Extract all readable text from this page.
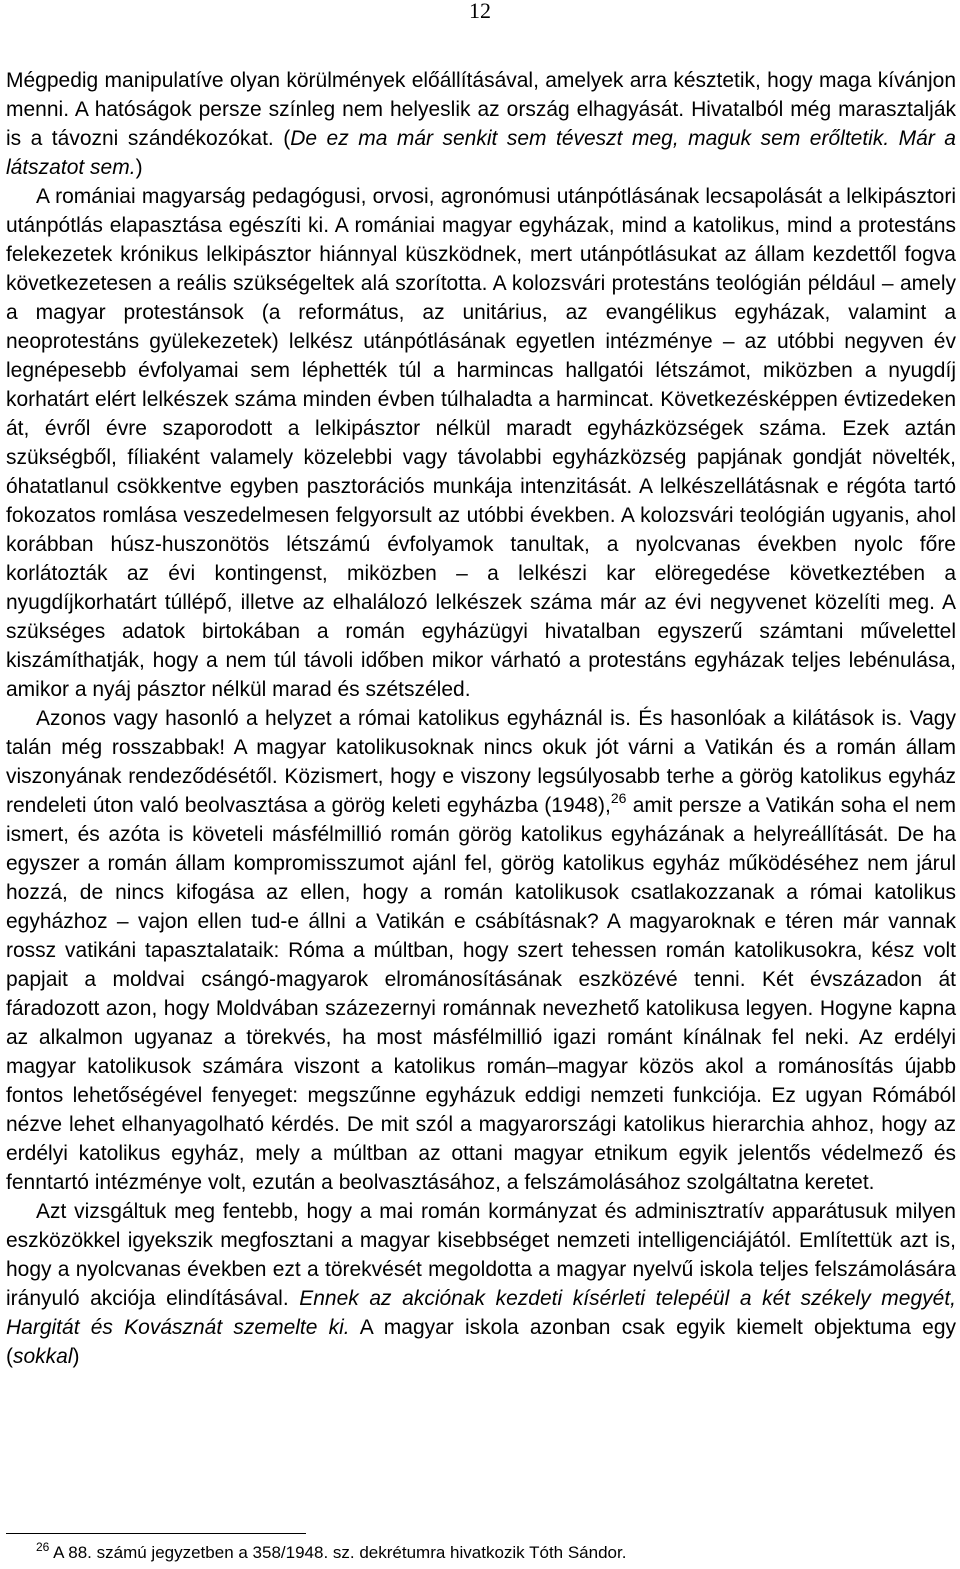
12

Mégpedig manipulatíve olyan körülmények előállításával, amelyek arra késztetik, hogy maga kívánjon menni. A hatóságok persze színleg nem helyeslik az ország elhagyását. Hivatalból még marasztalják is a távozni szándékozókat. (De ez ma már senkit sem téveszt meg, maguk sem erőltetik. Már a látszatot sem.)

A romániai magyarság pedagógusi, orvosi, agronómusi utánpótlásának lecsapolását a lelkipásztori utánpótlás elapasztása egészíti ki. A romániai magyar egyházak, mind a katolikus, mind a protestáns felekezetek krónikus lelkipásztor hiánnyal küszködnek, mert utánpótlásukat az állam kezdettől fogva következetesen a reális szükségeltek alá szorította. A kolozsvári protestáns teológián például – amely a magyar protestánsok (a református, az unitárius, az evangélikus egyházak, valamint a neoprotestáns gyülekezetek) lelkész utánpótlásának egyetlen intézménye – az utóbbi negyven év legnépesebb évfolyamai sem léphették túl a harmincas hallgatói létszámot, miközben a nyugdíj korhatárt elért lelkészek száma minden évben túlhaladta a harmincat. Következésképpen évtizedeken át, évről évre szaporodott a lelkipásztor nélkül maradt egyházközségek száma. Ezek aztán szükségből, fíliaként valamely közelebbi vagy távolabbi egyházközség papjának gondját növelték, óhatatlanul csökkentve egyben pasztorációs munkája intenzitását. A lelkészellátásnak e régóta tartó fokozatos romlása veszedelmesen felgyorsult az utóbbi években. A kolozsvári teológián ugyanis, ahol korábban húsz-huszonötös létszámú évfolyamok tanultak, a nyolcvanas években nyolc főre korlátozták az évi kontingenst, miközben – a lelkészi kar elöregedése következtében a nyugdíjkorhatárt túllépő, illetve az elhalálozó lelkészek száma már az évi negyvenet közelíti meg. A szükséges adatok birtokában a román egyházügyi hivatalban egyszerű számtani művelettel kiszámíthatják, hogy a nem túl távoli időben mikor várható a protestáns egyházak teljes lebénulása, amikor a nyáj pásztor nélkül marad és szétszéled.

Azonos vagy hasonló a helyzet a római katolikus egyháznál is. És hasonlóak a kilátások is. Vagy talán még rosszabbak! A magyar katolikusoknak nincs okuk jót várni a Vatikán és a román állam viszonyának rendeződésétől. Közismert, hogy e viszony legsúlyosabb terhe a görög katolikus egyház rendeleti úton való beolvasztása a görög keleti egyházba (1948),$^{26}$ amit persze a Vatikán soha el nem ismert, és azóta is követeli másfélmillió román görög katolikus egyházának a helyreállítását. De ha egyszer a román állam kompromisszumot ajánl fel, görög katolikus egyház működéséhez nem járul hozzá, de nincs kifogása az ellen, hogy a román katolikusok csatlakozzanak a római katolikus egyházhoz – vajon ellen tud-e állni a Vatikán e csábításnak? A magyaroknak e téren már vannak rossz vatikáni tapasztalataik: Róma a múltban, hogy szert tehessen román katolikusokra, kész volt papjait a moldvai csángó-magyarok elrománosításának eszközévé tenni. Két évszázadon át fáradozott azon, hogy Moldvában százezernyi románnak nevezhető katolikusa legyen. Hogyne kapna az alkalmon ugyanaz a törekvés, ha most másfélmillió igazi románt kínálnak fel neki. Az erdélyi magyar katolikusok számára viszont a katolikus román–magyar közös akol a románosítás újabb fontos lehetőségével fenyeget: megszűnne egyházuk eddigi nemzeti funkciója. Ez ugyan Rómából nézve lehet elhanyagolható kérdés. De mit szól a magyarországi katolikus hierarchia ahhoz, hogy az erdélyi katolikus egyház, mely a múltban az ottani magyar etnikum egyik jelentős védelmező és fenntartó intézménye volt, ezután a beolvasztásához, a felszámolásához szolgáltatna keretet.

Azt vizsgáltuk meg fentebb, hogy a mai román kormányzat és adminisztratív apparátusuk milyen eszközökkel igyekszik megfosztani a magyar kisebbséget nemzeti intelligenciájától. Említettük azt is, hogy a nyolcvanas években ezt a törekvését megoldotta a magyar nyelvű iskola teljes felszámolására irányuló akciója elindításával. Ennek az akciónak kezdeti kísérleti telepéül a két székely megyét, Hargitát és Kovásznát szemelte ki. A magyar iskola azonban csak egyik kiemelt objektuma egy (sokkal)

$^{26}$ A 88. számú jegyzetben a 358/1948. sz. dekrétumra hivatkozik Tóth Sándor.
